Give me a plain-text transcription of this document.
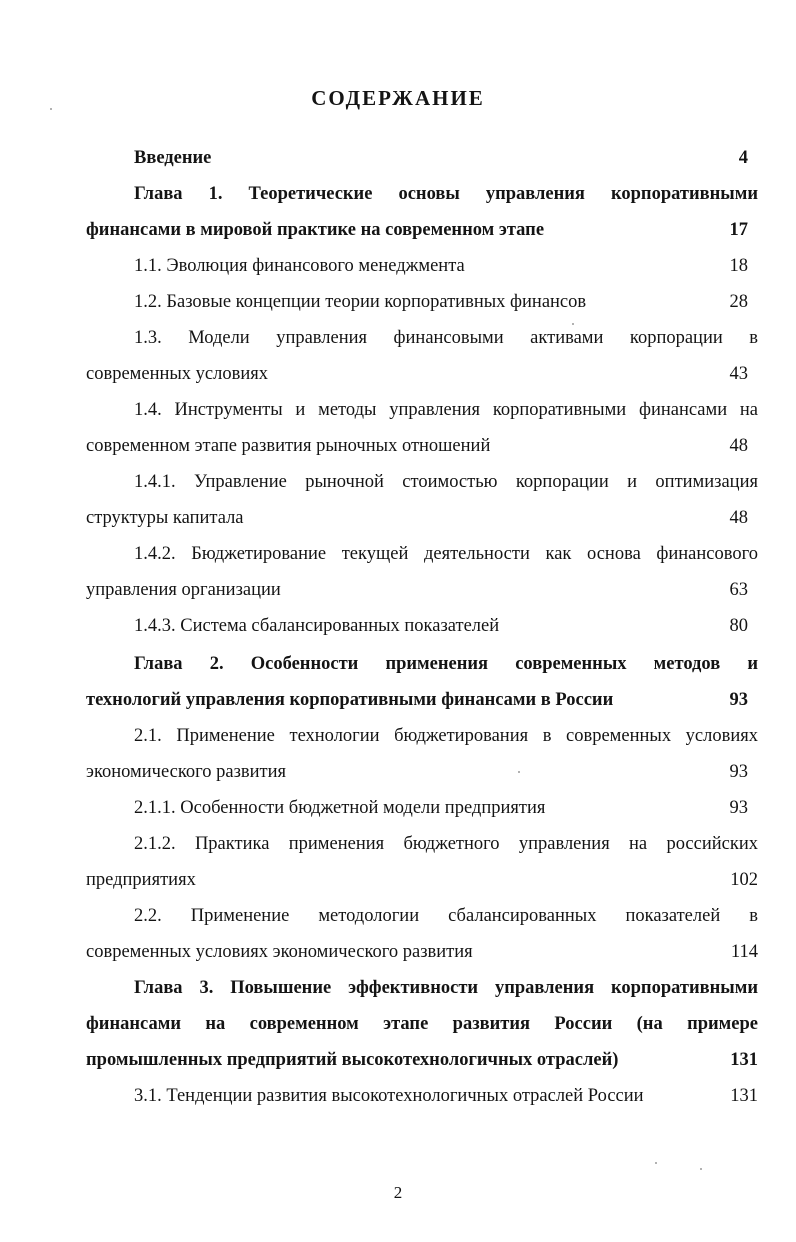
СОДЕРЖАНИЕ
Введение	4
Глава 1. Теоретические основы управления корпоративными
финансами в мировой практике на современном этапе	17
1.1. Эволюция финансового менеджмента	18
1.2. Базовые концепции теории корпоративных финансов	28
1.3. Модели управления финансовыми активами корпорации в
современных условиях	43
1.4. Инструменты и методы управления корпоративными финансами на
современном этапе развития рыночных отношений	48
1.4.1. Управление рыночной стоимостью корпорации и оптимизация
структуры капитала	48
1.4.2. Бюджетирование текущей деятельности как основа финансового
управления организации	63
1.4.3. Система сбалансированных показателей	80
Глава 2. Особенности применения современных методов и
технологий управления корпоративными финансами в России	93
2.1. Применение технологии бюджетирования в современных условиях
экономического развития	93
2.1.1. Особенности бюджетной модели предприятия	93
2.1.2. Практика применения бюджетного управления на российских
предприятиях	102
2.2. Применение методологии сбалансированных показателей в
современных условиях экономического развития	114
Глава 3. Повышение эффективности управления корпоративными
финансами на современном этапе развития России (на примере
промышленных предприятий высокотехнологичных отраслей)	131
3.1. Тенденции развития высокотехнологичных отраслей России	131
2
